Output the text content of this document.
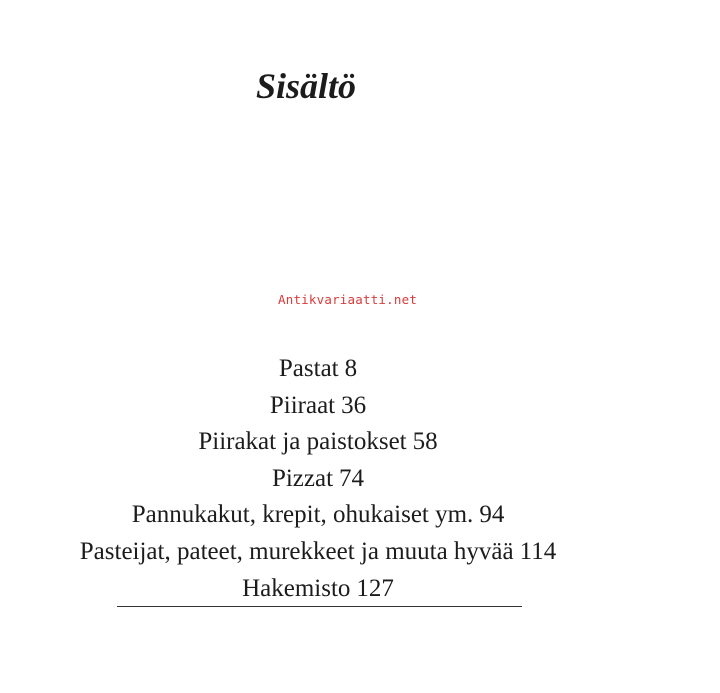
Sisältö
Antikvariaatti.net
Pastat 8
Piiraat 36
Piirakat ja paistokset 58
Pizzat 74
Pannukakut, krepit, ohukaiset ym. 94
Pasteijat, pateet, murekkeet ja muuta hyvää 114
Hakemisto 127
